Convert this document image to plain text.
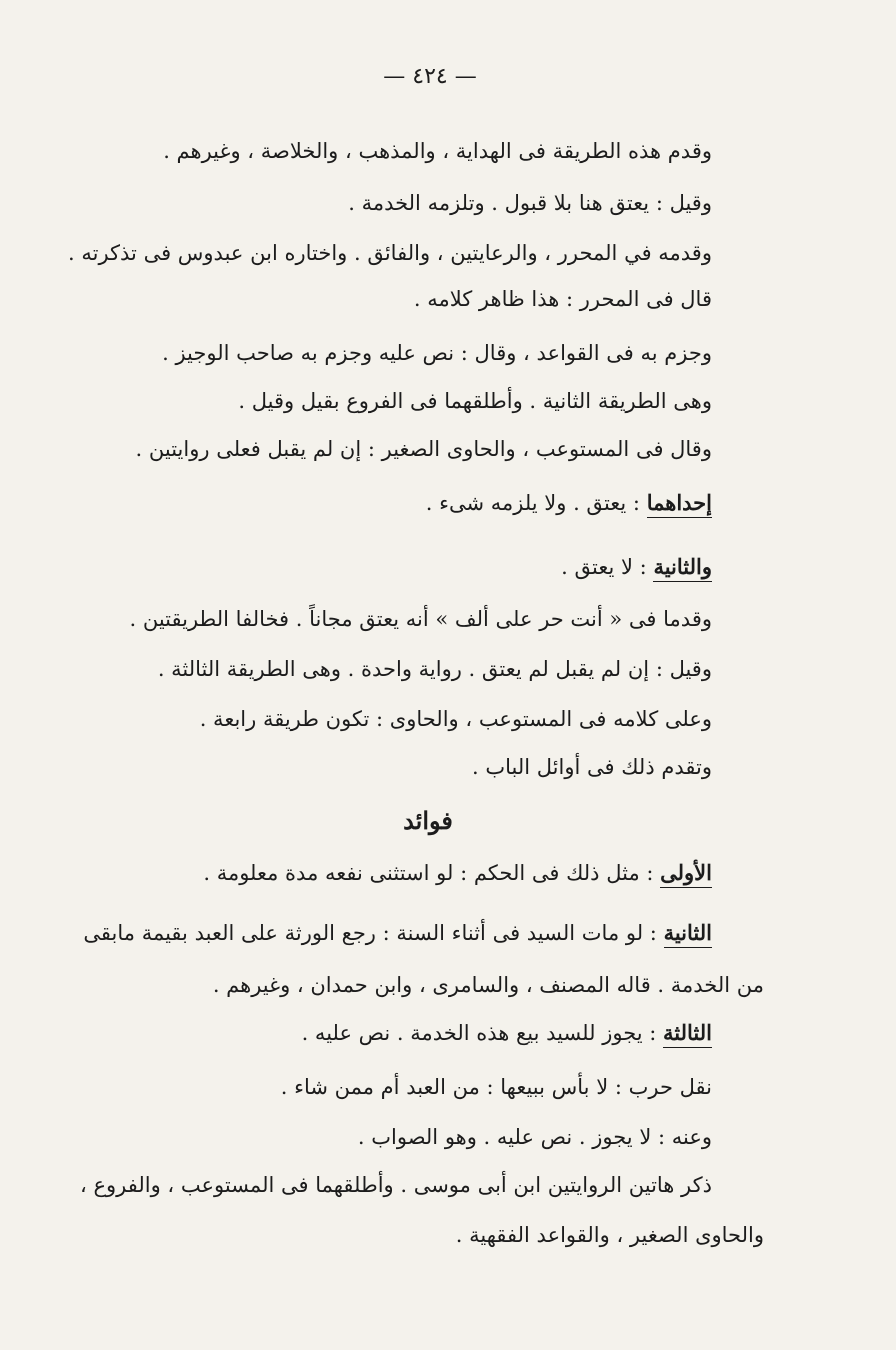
— ٤٢٤ —
وقدم هذه الطريقة فى الهداية ، والمذهب ، والخلاصة ، وغيرهم .
وقيل : يعتق هنا بلا قبول . وتلزمه الخدمة .
وقدمه في المحرر ، والرعايتين ، والفائق . واختاره ابن عبدوس فى تذكرته .
قال فى المحرر : هذا ظاهر كلامه .
وجزم به فى القواعد ، وقال : نص عليه وجزم به صاحب الوجيز .
وهى الطريقة الثانية . وأطلقهما فى الفروع بقيل وقيل .
وقال فى المستوعب ، والحاوى الصغير : إن لم يقبل فعلى روايتين .
إحداهما : يعتق . ولا يلزمه شىء .
والثانية : لا يعتق .
وقدما فى « أنت حر على ألف » أنه يعتق مجاناً . فخالفا الطريقتين .
وقيل : إن لم يقبل لم يعتق . رواية واحدة . وهى الطريقة الثالثة .
وعلى كلامه فى المستوعب ، والحاوى : تكون طريقة رابعة .
وتقدم ذلك فى أوائل الباب .
فوائد
الأولى : مثل ذلك فى الحكم : لو استثنى نفعه مدة معلومة .
الثانية : لو مات السيد فى أثناء السنة : رجع الورثة على العبد بقيمة مابقى
من الخدمة . قاله المصنف ، والسامرى ، وابن حمدان ، وغيرهم .
الثالثة : يجوز للسيد بيع هذه الخدمة . نص عليه .
نقل حرب : لا بأس ببيعها : من العبد أم ممن شاء .
وعنه : لا يجوز . نص عليه . وهو الصواب .
ذكر هاتين الروايتين ابن أبى موسى . وأطلقهما فى المستوعب ، والفروع ،
والحاوى الصغير ، والقواعد الفقهية .
